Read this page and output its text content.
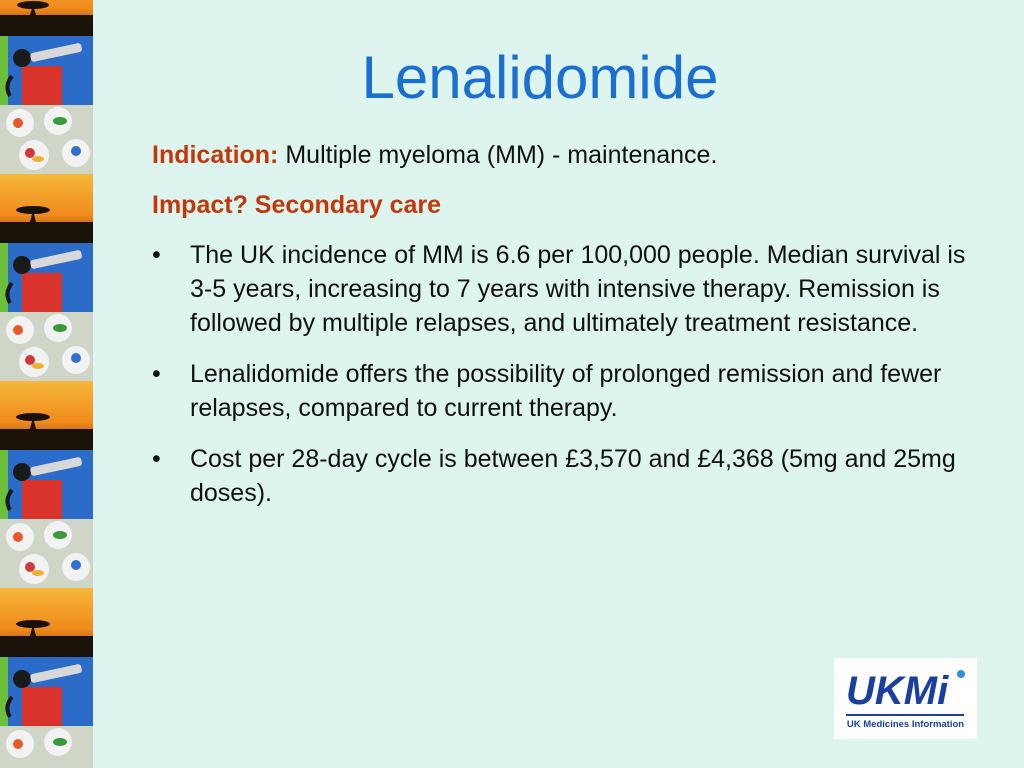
Lenalidomide

Indication: Multiple myeloma (MM) - maintenance.

Impact? Secondary care

• The UK incidence of MM is 6.6 per 100,000 people. Median survival is 3-5 years, increasing to 7 years with intensive therapy. Remission is followed by multiple relapses, and ultimately treatment resistance.
• Lenalidomide offers the possibility of prolonged remission and fewer relapses, compared to current therapy.
• Cost per 28-day cycle is between £3,570 and £4,368 (5mg and 25mg doses).
UKMi
UK Medicines Information
